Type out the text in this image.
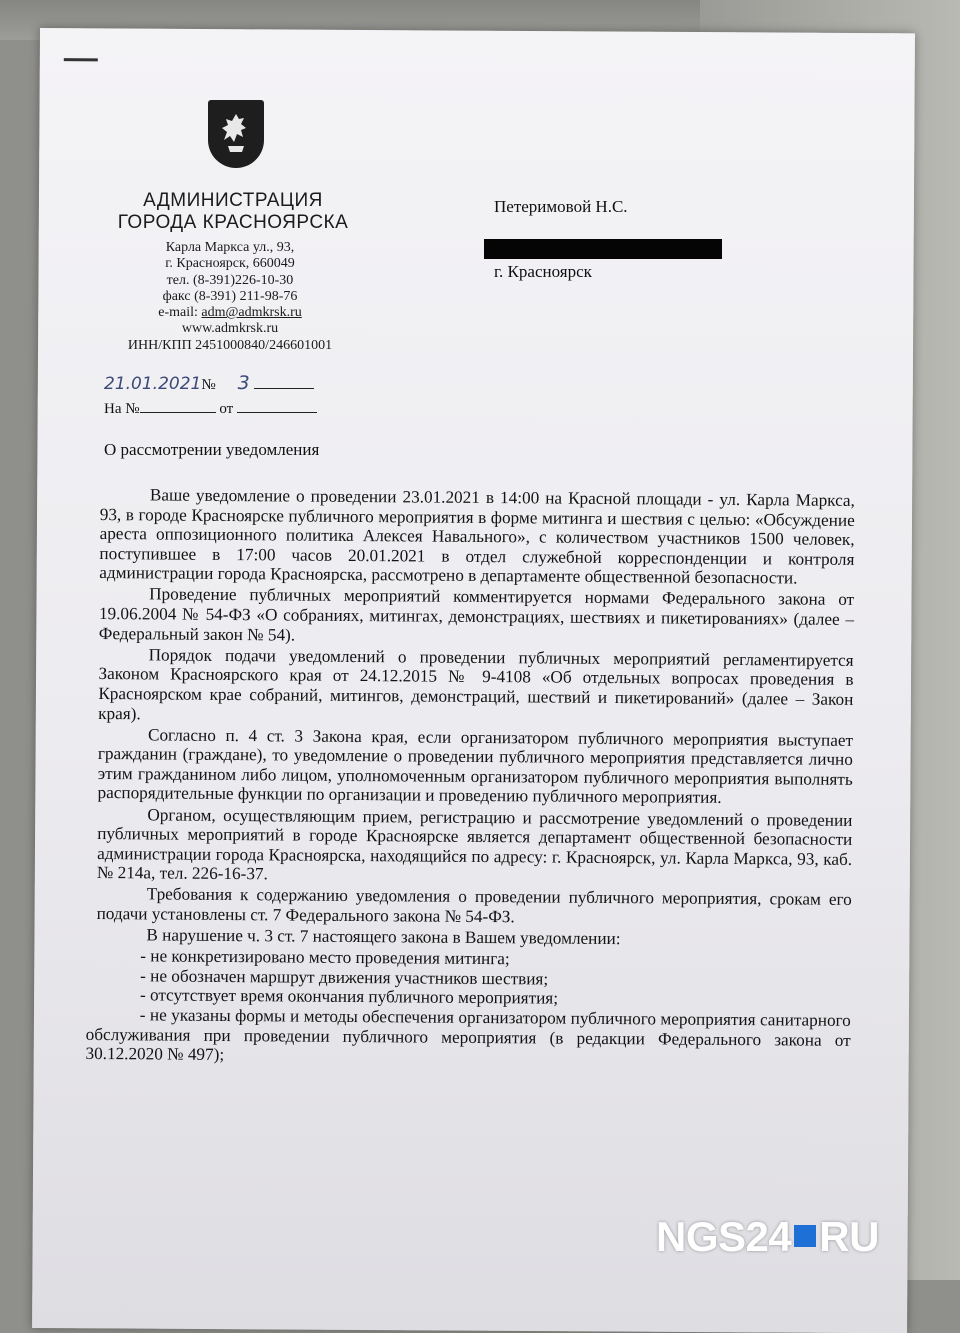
АДМИНИСТРАЦИЯ
ГОРОДА КРАСНОЯРСКА
Карла Маркса ул., 93,
г. Красноярск, 660049
тел. (8-391)226-10-30
факс (8-391) 211-98-76
e-mail: adm@admkrsk.ru
www.admkrsk.ru
ИНН/КПП 2451000840/246601001
Петеримовой Н.С.
г. Красноярск
21.01.2021№ 3
На №	от
О рассмотрении уведомления

Ваше уведомление о проведении 23.01.2021 в 14:00 на Красной площади - ул. Карла Маркса, 93, в городе Красноярске публичного мероприятия в форме митинга и шествия с целью: «Обсуждение ареста оппозиционного политика Алексея Навального», с количеством участников 1500 человек, поступившее в 17:00 часов 20.01.2021 в отдел служебной корреспонденции и контроля администрации города Красноярска, рассмотрено в департаменте общественной безопасности.

Проведение публичных мероприятий комментируется нормами Федерального закона от 19.06.2004 № 54-ФЗ «О собраниях, митингах, демонстрациях, шествиях и пикетированиях» (далее – Федеральный закон № 54).

Порядок подачи уведомлений о проведении публичных мероприятий регламентируется Законом Красноярского края от 24.12.2015 № 9-4108 «Об отдельных вопросах проведения в Красноярском крае собраний, митингов, демонстраций, шествий и пикетирований» (далее – Закон края).

Согласно п. 4 ст. 3 Закона края, если организатором публичного мероприятия выступает гражданин (граждане), то уведомление о проведении публичного мероприятия представляется лично этим гражданином либо лицом, уполномоченным организатором публичного мероприятия выполнять распорядительные функции по организации и проведению публичного мероприятия.

Органом, осуществляющим прием, регистрацию и рассмотрение уведомлений о проведении публичных мероприятий в городе Красноярске является департамент общественной безопасности администрации города Красноярска, находящийся по адресу: г. Красноярск, ул. Карла Маркса, 93, каб. № 214а, тел. 226-16-37.

Требования к содержанию уведомления о проведении публичного мероприятия, срокам его подачи установлены ст. 7 Федерального закона № 54-ФЗ.

В нарушение ч. 3 ст. 7 настоящего закона в Вашем уведомлении:

- не конкретизировано место проведения митинга;
- не обозначен маршрут движения участников шествия;
- отсутствует время окончания публичного мероприятия;
- не указаны формы и методы обеспечения организатором публичного мероприятия санитарного обслуживания при проведении публичного мероприятия (в редакции Федерального закона от 30.12.2020 № 497);
NGS24 RU
